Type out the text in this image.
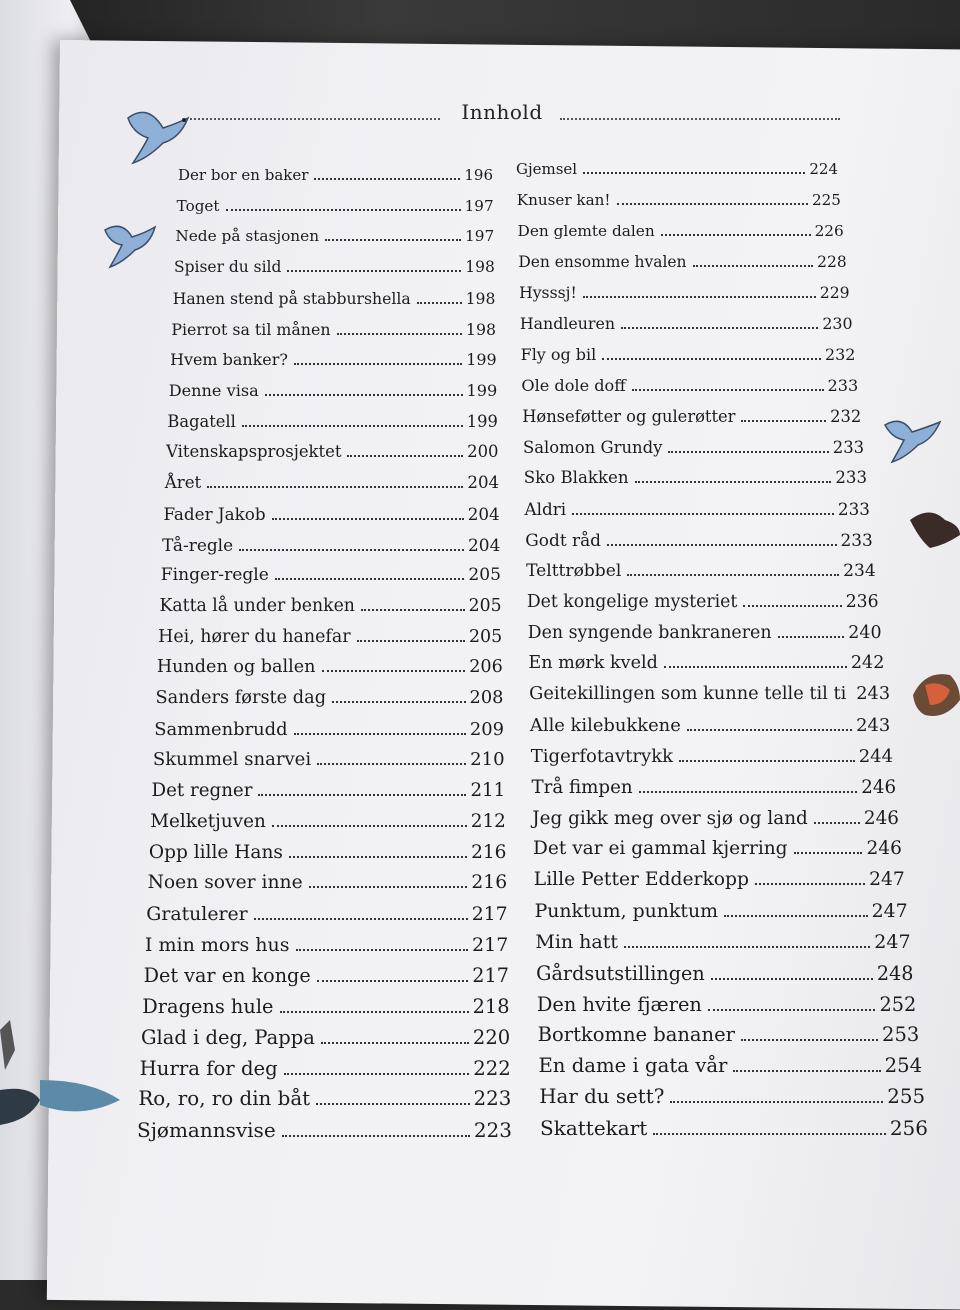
Innhold
Der bor en baker	196
Toget	197
Nede på stasjonen	197
Spiser du sild	198
Hanen stend på stabburshella	198
Pierrot sa til månen	198
Hvem banker?	199
Denne visa	199
Bagatell	199
Vitenskapsprosjektet	200
Året	204
Fader Jakob	204
Tå-regle	204
Finger-regle	205
Katta lå under benken	205
Hei, hører du hanefar	205
Hunden og ballen	206
Sanders første dag	208
Sammenbrudd	209
Skummel snarvei	210
Det regner	211
Melketjuven	212
Opp lille Hans	216
Noen sover inne	216
Gratulerer	217
I min mors hus	217
Det var en konge	217
Dragens hule	218
Glad i deg, Pappa	220
Hurra for deg	222
Ro, ro, ro din båt	223
Sjømannsvise	223
Gjemsel	224
Knuser kan!	225
Den glemte dalen	226
Den ensomme hvalen	228
Hysssj!	229
Handleuren	230
Fly og bil	232
Ole dole doff	233
Hønseføtter og gulerøtter	232
Salomon Grundy	233
Sko Blakken	233
Aldri	233
Godt råd	233
Telttrøbbel	234
Det kongelige mysteriet	236
Den syngende bankraneren	240
En mørk kveld	242
Geitekillingen som kunne telle til ti 243
Alle kilebukkene	243
Tigerfotavtrykk	244
Trå fimpen	246
Jeg gikk meg over sjø og land	246
Det var ei gammal kjerring	246
Lille Petter Edderkopp	247
Punktum, punktum	247
Min hatt	247
Gårdsutstillingen	248
Den hvite fjæren	252
Bortkomne bananer	253
En dame i gata vår	254
Har du sett?	255
Skattekart	256
